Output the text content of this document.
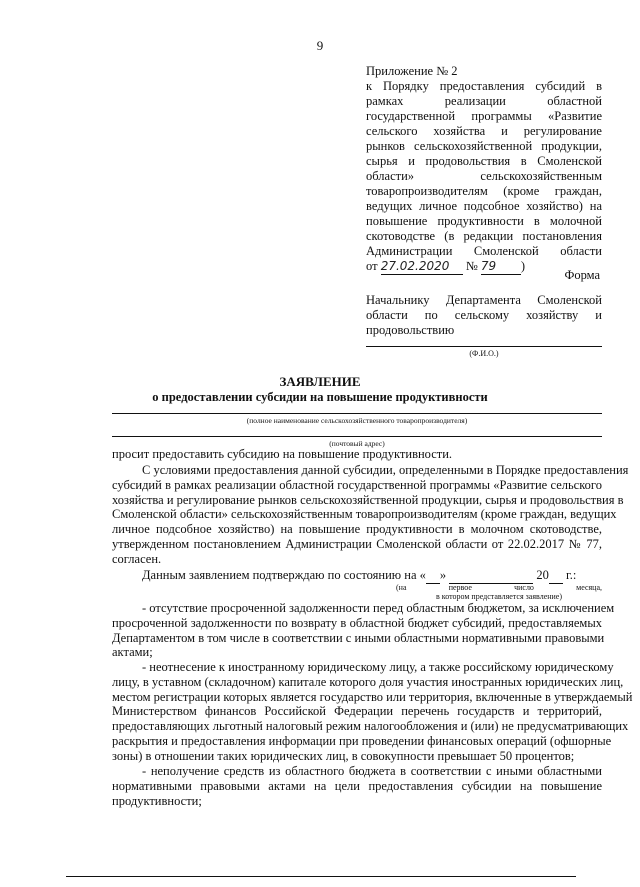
9
Приложение № 2
к Порядку предоставления субсидий в
рамках реализации областной
государственной программы «Развитие
сельского хозяйства и регулирование
рынков сельскохозяйственной продукции,
сырья и продовольствия в Смоленской
области» сельскохозяйственным
товаропроизводителям (кроме граждан,
ведущих личное подсобное хозяйство) на
повышение продуктивности в молочной
скотоводстве (в редакции постановления
Администрации Смоленской области
от 27.02.2020 № 79 )
Форма
Начальнику Департамента Смоленской
области по сельскому хозяйству и
продовольствию
(Ф.И.О.)
ЗАЯВЛЕНИЕ
о предоставлении субсидии на повышение продуктивности
(полное наименование сельскохозяйственного товаропроизводителя)
(почтовый адрес)
просит предоставить субсидию на повышение продуктивности.
С условиями предоставления данной субсидии, определенными в Порядке предоставления
субсидий в рамках реализации областной государственной программы «Развитие сельского
хозяйства и регулирование рынков сельскохозяйственной продукции, сырья и продовольствия в
Смоленской области» сельскохозяйственным товаропроизводителям (кроме граждан, ведущих
личное подсобное хозяйство) на повышение продуктивности в молочном скотоводстве,
утвержденном постановлением Администрации Смоленской области от 22.02.2017 № 77,
согласен.
Данным заявлением подтверждаю по состоянию на « »	20 г.:
(на первое число месяца,
в котором представляется заявление)
- отсутствие просроченной задолженности перед областным бюджетом, за исключением
просроченной задолженности по возврату в областной бюджет субсидий, предоставляемых
Департаментом в том числе в соответствии с иными областными нормативными правовыми
актами;
- неотнесение к иностранному юридическому лицу, а также российскому юридическому
лицу, в уставном (складочном) капитале которого доля участия иностранных юридических лиц,
местом регистрации которых является государство или территория, включенные в утверждаемый
Министерством финансов Российской Федерации перечень государств и территорий,
предоставляющих льготный налоговый режим налогообложения и (или) не предусматривающих
раскрытия и предоставления информации при проведении финансовых операций (офшорные
зоны) в отношении таких юридических лиц, в совокупности превышает 50 процентов;
- неполучение средств из областного бюджета в соответствии с иными областными
нормативными правовыми актами на цели предоставления субсидии на повышение
продуктивности;
